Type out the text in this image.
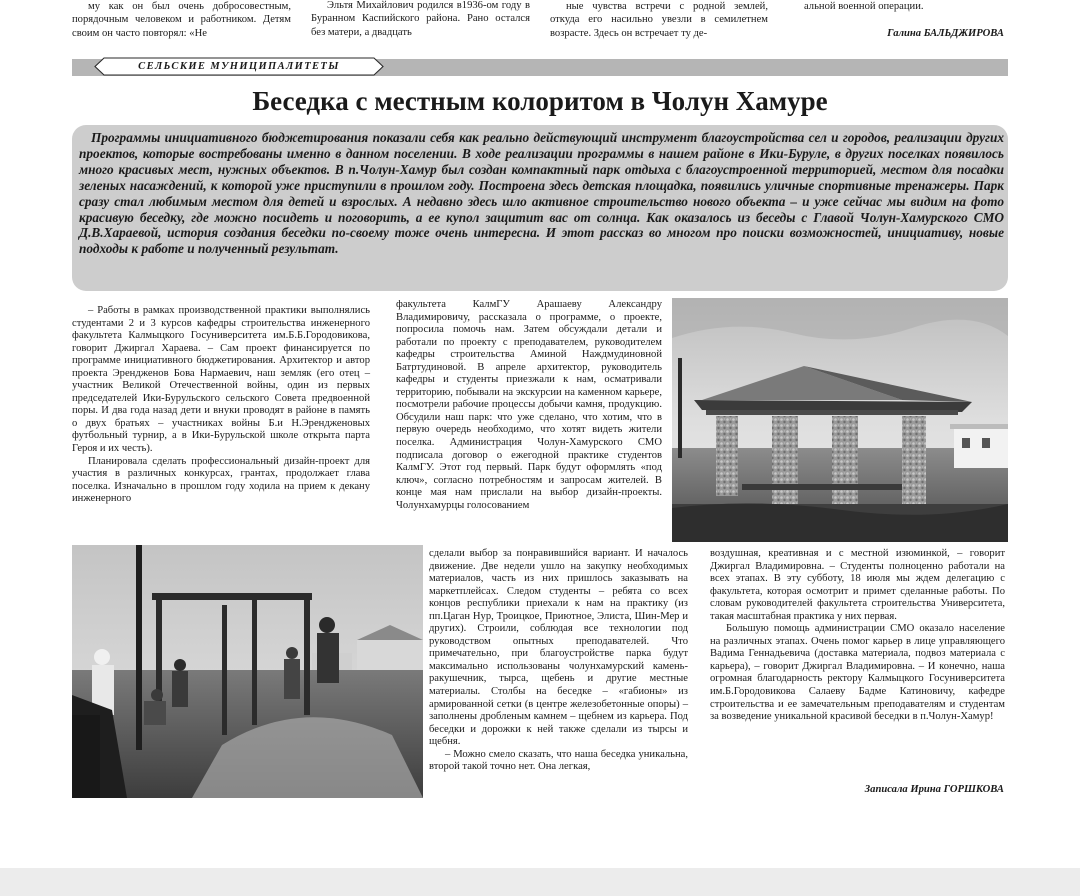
му как он был очень добросовестным, порядочным человеком и работником. Детям своим он часто повторял: «Не

Эльтя Михайлович родился в1936-ом году в Буранном Каспийского района. Рано остался без матери, а двадцать

ные чувства встречи с родной землей, откуда его насильно увезли в семилетнем возрасте. Здесь он встречает ту де-

альной военной операции.

Галина БАЛЬДЖИРОВА
СЕЛЬСКИЕ МУНИЦИПАЛИТЕТЫ
Беседка с местным колоритом в Чолун Хамуре

Программы инициативного бюджетирования показали себя как реально действующий инструмент благоустройства сел и городов, реализации других проектов, которые востребованы именно в данном поселении. В ходе реализации программы в нашем районе в Ики-Буруле, в других поселках появилось много красивых мест, нужных объектов. В п.Чолун-Хамур был создан компактный парк отдыха с благоустроенной территорией, местом для посадки зеленых насаждений, к которой уже приступили в прошлом году. Построена здесь детская площадка, появились уличные спортивные тренажеры. Парк сразу стал любимым местом для детей и взрослых. А недавно здесь шло активное строительство нового объекта – и уже сейчас мы видим на фото красивую беседку, где можно посидеть и поговорить, а ее купол защитит вас от солнца. Как оказалось из беседы с Главой Чолун-Хамурского СМО Д.В.Хараевой, история создания беседки по-своему тоже очень интересна. И этот рассказ во многом про поиски возможностей, инициативу, новые подходы к работе и полученный результат.

– Работы в рамках производственной практики выполнялись студентами 2 и 3 курсов кафедры строительства инженерного факультета Калмыцкого Госуниверситета им.Б.Б.Городовикова, говорит Джиргал Хараева. – Сам проект финансируется по программе инициативного бюджетирования. Архитектор и автор проекта Эрендженов Бова Нармаевич, наш земляк (его отец – участник Великой Отечественной войны, один из первых председателей Ики-Бурульского сельского Совета предвоенной поры. И два года назад дети и внуки проводят в районе в память о двух братьях – участниках войны Б.и Н.Эрендженовых футбольный турнир, а в Ики-Бурульской школе открыта парта Героя и их честь).

Планировала сделать профессиональный дизайн-проект для участия в различных конкурсах, грантах, продолжает глава поселка. Изначально в прошлом году ходила на прием к декану инженерного

факультета КалмГУ Арашаеву Александру Владимировичу, рассказала о программе, о проекте, попросила помочь нам. Затем обсуждали детали и работали по проекту с преподавателем, руководителем кафедры строительства Аминой Наждмудиновной Батртудиновой. В апреле архитектор, руководитель кафедры и студенты приезжали к нам, осматривали территорию, побывали на экскурсии на каменном карьере, посмотрели рабочие процессы добычи камня, продукцию. Обсудили наш парк: что уже сделано, что хотим, что в первую очередь необходимо, что хотят видеть жители поселка. Администрация Чолун-Хамурского СМО подписала договор о ежегодной практике студентов КалмГУ. Этот год первый. Парк будут оформлять «под ключ», согласно потребностям и запросам жителей. В конце мая нам прислали на выбор дизайн-проекты. Чолунхамурцы голосованием

сделали выбор за понравившийся вариант. И началось движение. Две недели ушло на закупку необходимых материалов, часть из них пришлось заказывать на маркетплейсах. Следом студенты – ребята со всех концов республики приехали к нам на практику (из пп.Цаган Нур, Троицкое, Приютное, Элиста, Шин-Мер и других). Строили, соблюдая все технологии под руководством опытных преподавателей. Что примечательно, при благоустройстве парка будут максимально использованы чолунхамурский камень-ракушечник, тырса, щебень и другие местные материалы. Столбы на беседке – «габионы» из армированной сетки (в центре железобетонные опоры) – заполнены дробленым камнем – щебнем из карьера. Под беседки и дорожки к ней также сделали из тырсы и щебня.

– Можно смело сказать, что наша беседка уникальна, второй такой точно нет. Она легкая,

воздушная, креативная и с местной изюминкой, – говорит Джиргал Владимировна. – Студенты полноценно работали на всех этапах. В эту субботу, 18 июля мы ждем делегацию с факультета, которая осмотрит и примет сделанные работы. По словам руководителей факультета строительства Университета, такая масштабная практика у них первая.

Большую помощь администрации СМО оказало население на различных этапах. Очень помог карьер в лице управляющего Вадима Геннадьевича (доставка материала, подвоз материала с карьера), – говорит Джиргал Владимировна. – И конечно, наша огромная благодарность ректору Калмыцкого Госуниверситета им.Б.Городовикова Салаеву Бадме Катиновичу, кафедре строительства и ее замечательным преподавателям и студентам за возведение уникальной красивой беседки в п.Чолун-Хамур!

Записала Ирина ГОРШКОВА
